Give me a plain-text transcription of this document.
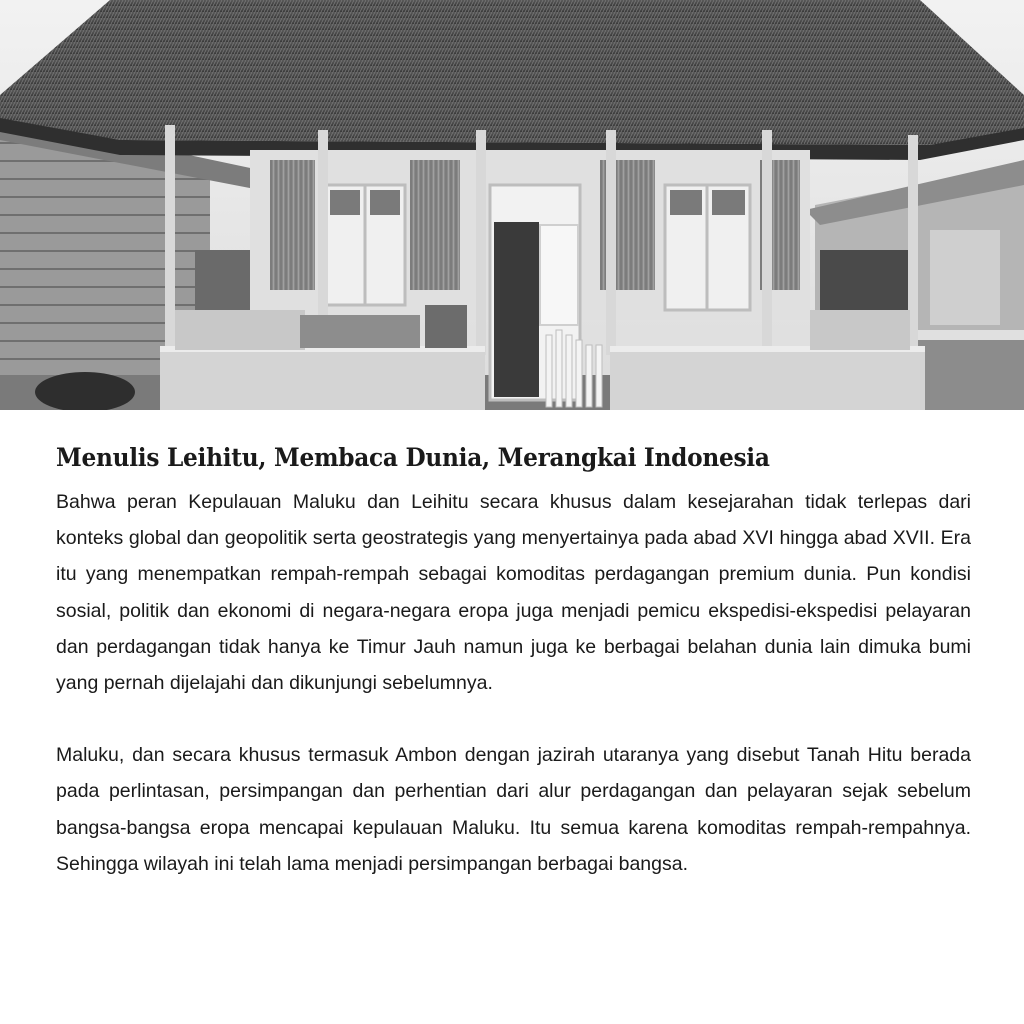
Menulis Leihitu, Membaca Dunia, Merangkai Indonesia

Bahwa peran Kepulauan Maluku dan Leihitu secara khusus dalam kesejarahan tidak terlepas dari konteks global dan geopolitik serta geostrategis yang menyertainya pada abad XVI hingga abad XVII. Era itu yang menempatkan rempah-rempah sebagai komoditas perdagangan premium dunia. Pun kondisi sosial, politik dan ekonomi di negara-negara eropa juga menjadi pemicu ekspedisi-ekspedisi pelayaran dan perdagangan tidak hanya ke Timur Jauh namun juga ke berbagai belahan dunia lain dimuka bumi yang pernah dijelajahi dan dikunjungi sebelumnya.

Maluku, dan secara khusus termasuk Ambon dengan jazirah utaranya yang disebut Tanah Hitu berada pada perlintasan, persimpangan dan perhentian dari alur perdagangan dan pelayaran sejak sebelum bangsa-bangsa eropa mencapai kepulauan Maluku. Itu semua karena komoditas rempah-rempahnya. Sehingga wilayah ini telah lama menjadi persimpangan berbagai bangsa.
